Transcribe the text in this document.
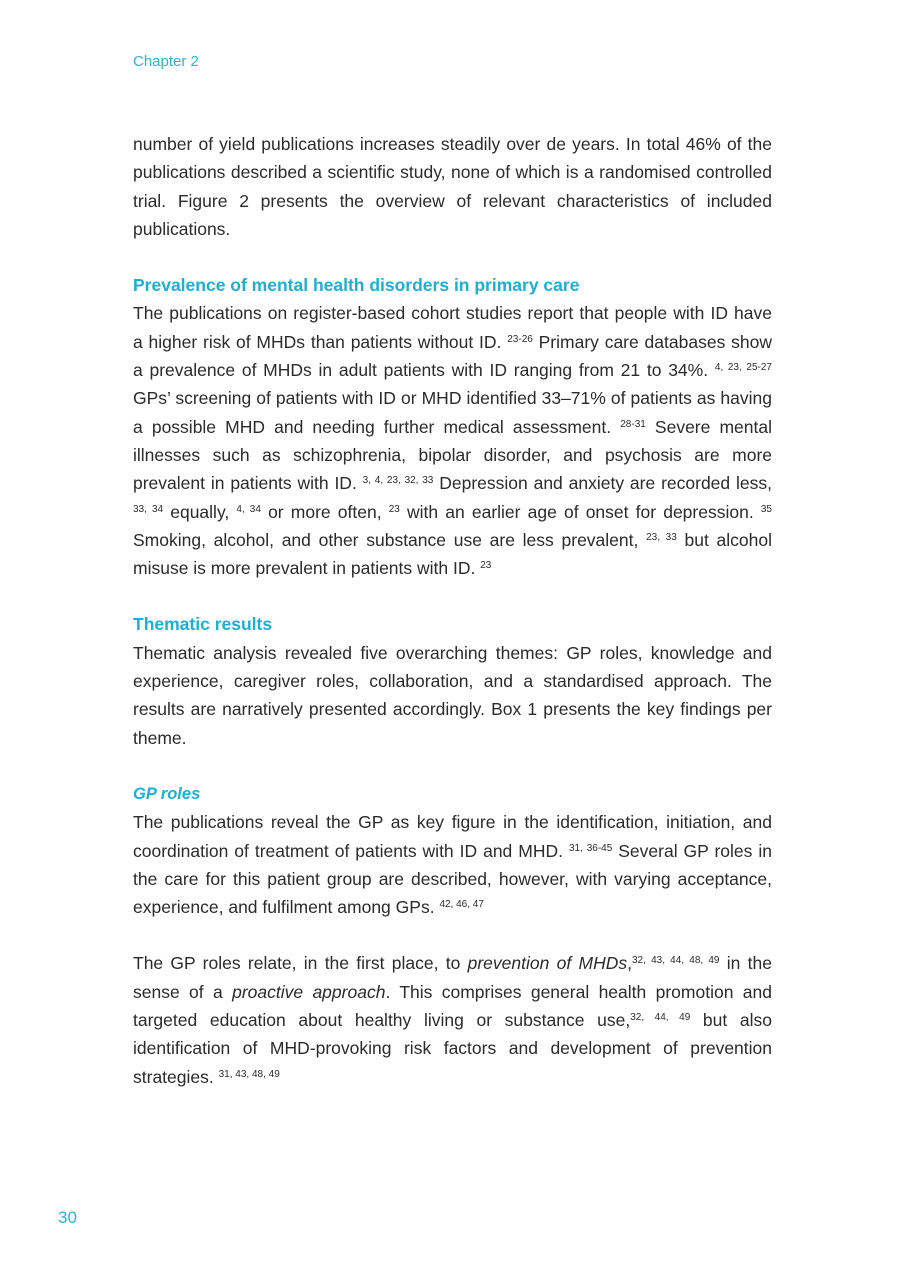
Chapter 2

number of yield publications increases steadily over de years. In total 46% of the publications described a scientific study, none of which is a randomised controlled trial. Figure 2 presents the overview of relevant characteristics of included publications.

Prevalence of mental health disorders in primary care

The publications on register-based cohort studies report that people with ID have a higher risk of MHDs than patients without ID. $^{23-26}$ Primary care databases show a prevalence of MHDs in adult patients with ID ranging from 21 to 34%. $^{4, 23, 25-27}$ GPs’ screening of patients with ID or MHD identified 33–71% of patients as having a possible MHD and needing further medical assessment. $^{28-31}$ Severe mental illnesses such as schizophrenia, bipolar disorder, and psychosis are more prevalent in patients with ID. $^{3, 4, 23, 32, 33}$ Depression and anxiety are recorded less, $^{33, 34}$ equally, $^{4, 34}$ or more often, $^{23}$ with an earlier age of onset for depression. $^{35}$ Smoking, alcohol, and other substance use are less prevalent, $^{23, 33}$ but alcohol misuse is more prevalent in patients with ID. $^{23}$

Thematic results

Thematic analysis revealed five overarching themes: GP roles, knowledge and experience, caregiver roles, collaboration, and a standardised approach. The results are narratively presented accordingly. Box 1 presents the key findings per theme.

GP roles

The publications reveal the GP as key figure in the identification, initiation, and coordination of treatment of patients with ID and MHD. $^{31, 36-45}$ Several GP roles in the care for this patient group are described, however, with varying acceptance, experience, and fulfilment among GPs. $^{42, 46, 47}$

The GP roles relate, in the first place, to prevention of MHDs,$^{32, 43, 44, 48, 49}$ in the sense of a proactive approach. This comprises general health promotion and targeted education about healthy living or substance use,$^{32, 44, 49}$ but also identification of MHD-provoking risk factors and development of prevention strategies. $^{31, 43, 48, 49}$

30
